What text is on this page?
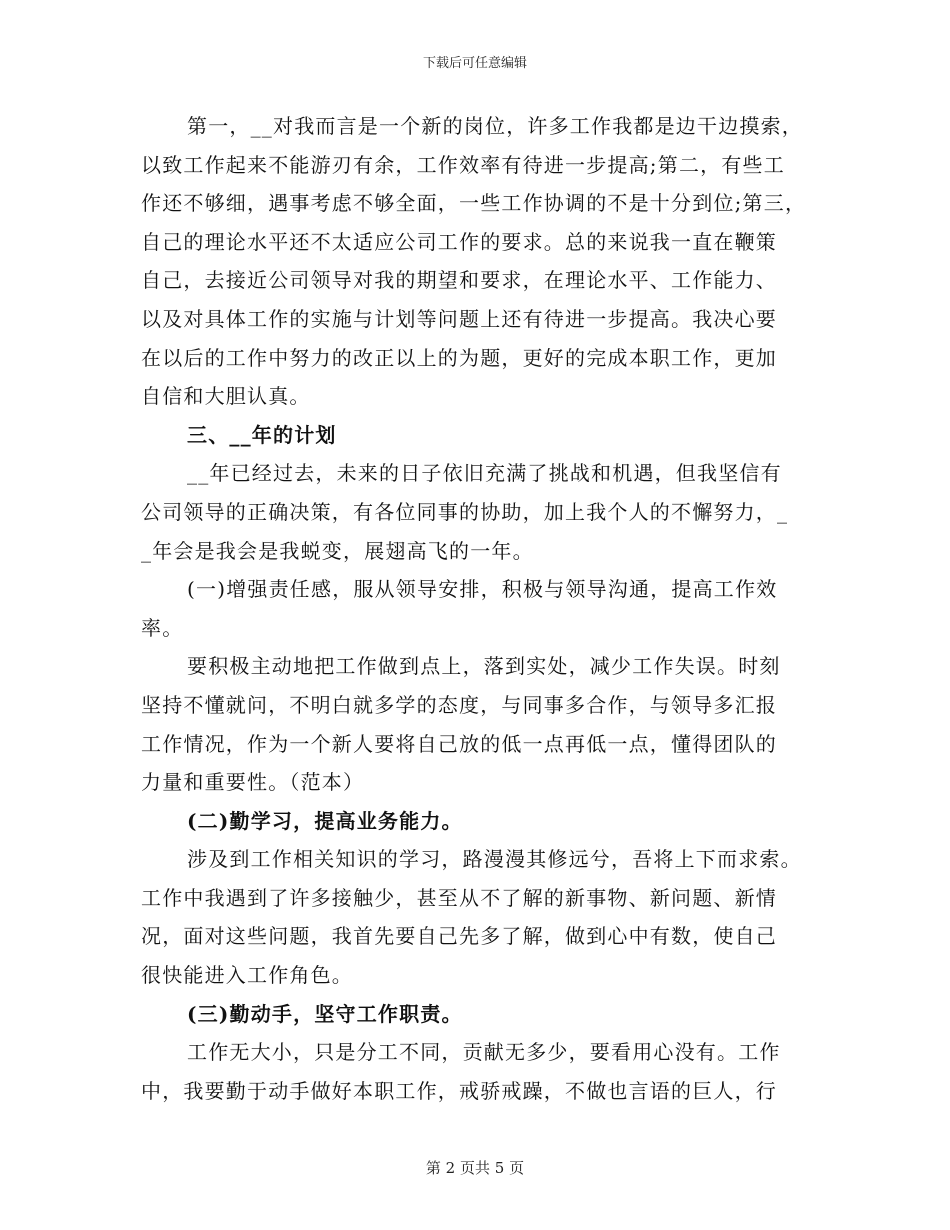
下载后可任意编辑
第一，__对我而言是一个新的岗位，许多工作我都是边干边摸索，
以致工作起来不能游刃有余，工作效率有待进一步提高;第二，有些工
作还不够细，遇事考虑不够全面，一些工作协调的不是十分到位;第三，
自己的理论水平还不太适应公司工作的要求。总的来说我一直在鞭策
自己，去接近公司领导对我的期望和要求，在理论水平、工作能力、
以及对具体工作的实施与计划等问题上还有待进一步提高。我决心要
在以后的工作中努力的改正以上的为题，更好的完成本职工作，更加
自信和大胆认真。
三、__年的计划
__年已经过去，未来的日子依旧充满了挑战和机遇，但我坚信有
公司领导的正确决策，有各位同事的协助，加上我个人的不懈努力，_
_年会是我会是我蜕变，展翅高飞的一年。
(一)增强责任感，服从领导安排，积极与领导沟通，提高工作效
率。
要积极主动地把工作做到点上，落到实处，减少工作失误。时刻
坚持不懂就问，不明白就多学的态度，与同事多合作，与领导多汇报
工作情况，作为一个新人要将自己放的低一点再低一点，懂得团队的
力量和重要性。（范本）
(二)勤学习，提高业务能力。
涉及到工作相关知识的学习，路漫漫其修远兮，吾将上下而求索。
工作中我遇到了许多接触少，甚至从不了解的新事物、新问题、新情
况，面对这些问题，我首先要自己先多了解，做到心中有数，使自己
很快能进入工作角色。
(三)勤动手，坚守工作职责。
工作无大小，只是分工不同，贡献无多少，要看用心没有。工作
中，我要勤于动手做好本职工作，戒骄戒躁，不做也言语的巨人，行
第 2 页共 5 页
